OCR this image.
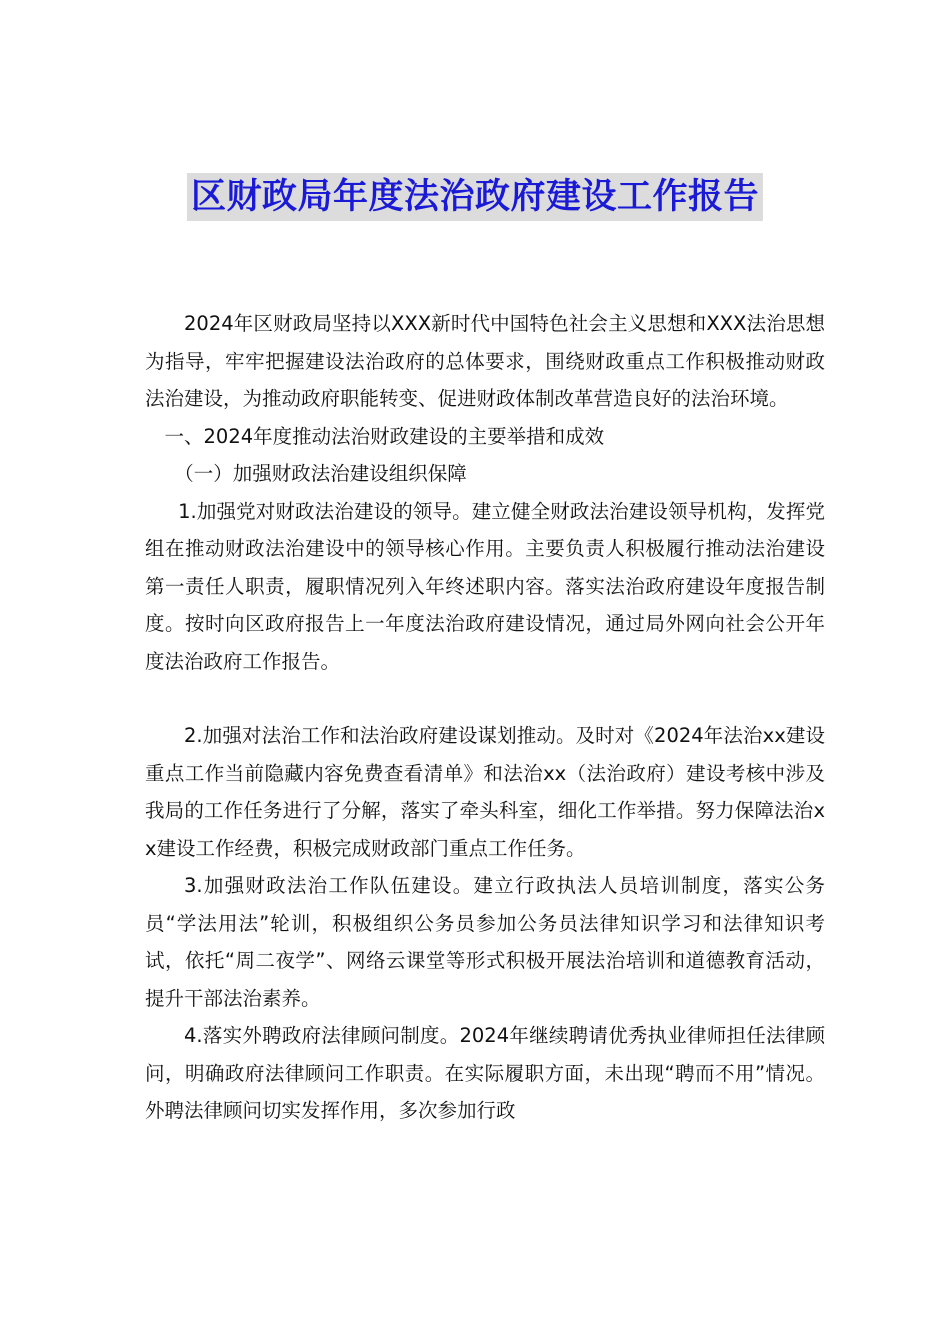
区财政局年度法治政府建设工作报告

2024年区财政局坚持以XXX新时代中国特色社会主义思想和XXX法治思想为指导，牢牢把握建设法治政府的总体要求，围绕财政重点工作积极推动财政法治建设，为推动政府职能转变、促进财政体制改革营造良好的法治环境。

一、2024年度推动法治财政建设的主要举措和成效

（一）加强财政法治建设组织保障

1.加强党对财政法治建设的领导。建立健全财政法治建设领导机构，发挥党组在推动财政法治建设中的领导核心作用。主要负责人积极履行推动法治建设第一责任人职责，履职情况列入年终述职内容。落实法治政府建设年度报告制度。按时向区政府报告上一年度法治政府建设情况，通过局外网向社会公开年度法治政府工作报告。

2.加强对法治工作和法治政府建设谋划推动。及时对《2024年法治xx建设重点工作当前隐藏内容免费查看清单》和法治xx（法治政府）建设考核中涉及我局的工作任务进行了分解，落实了牵头科室，细化工作举措。努力保障法治xx建设工作经费，积极完成财政部门重点工作任务。

3.加强财政法治工作队伍建设。建立行政执法人员培训制度，落实公务员“学法用法”轮训，积极组织公务员参加公务员法律知识学习和法律知识考试，依托“周二夜学”、网络云课堂等形式积极开展法治培训和道德教育活动，提升干部法治素养。

4.落实外聘政府法律顾问制度。2024年继续聘请优秀执业律师担任法律顾问，明确政府法律顾问工作职责。在实际履职方面，未出现“聘而不用”情况。外聘法律顾问切实发挥作用，多次参加行政
